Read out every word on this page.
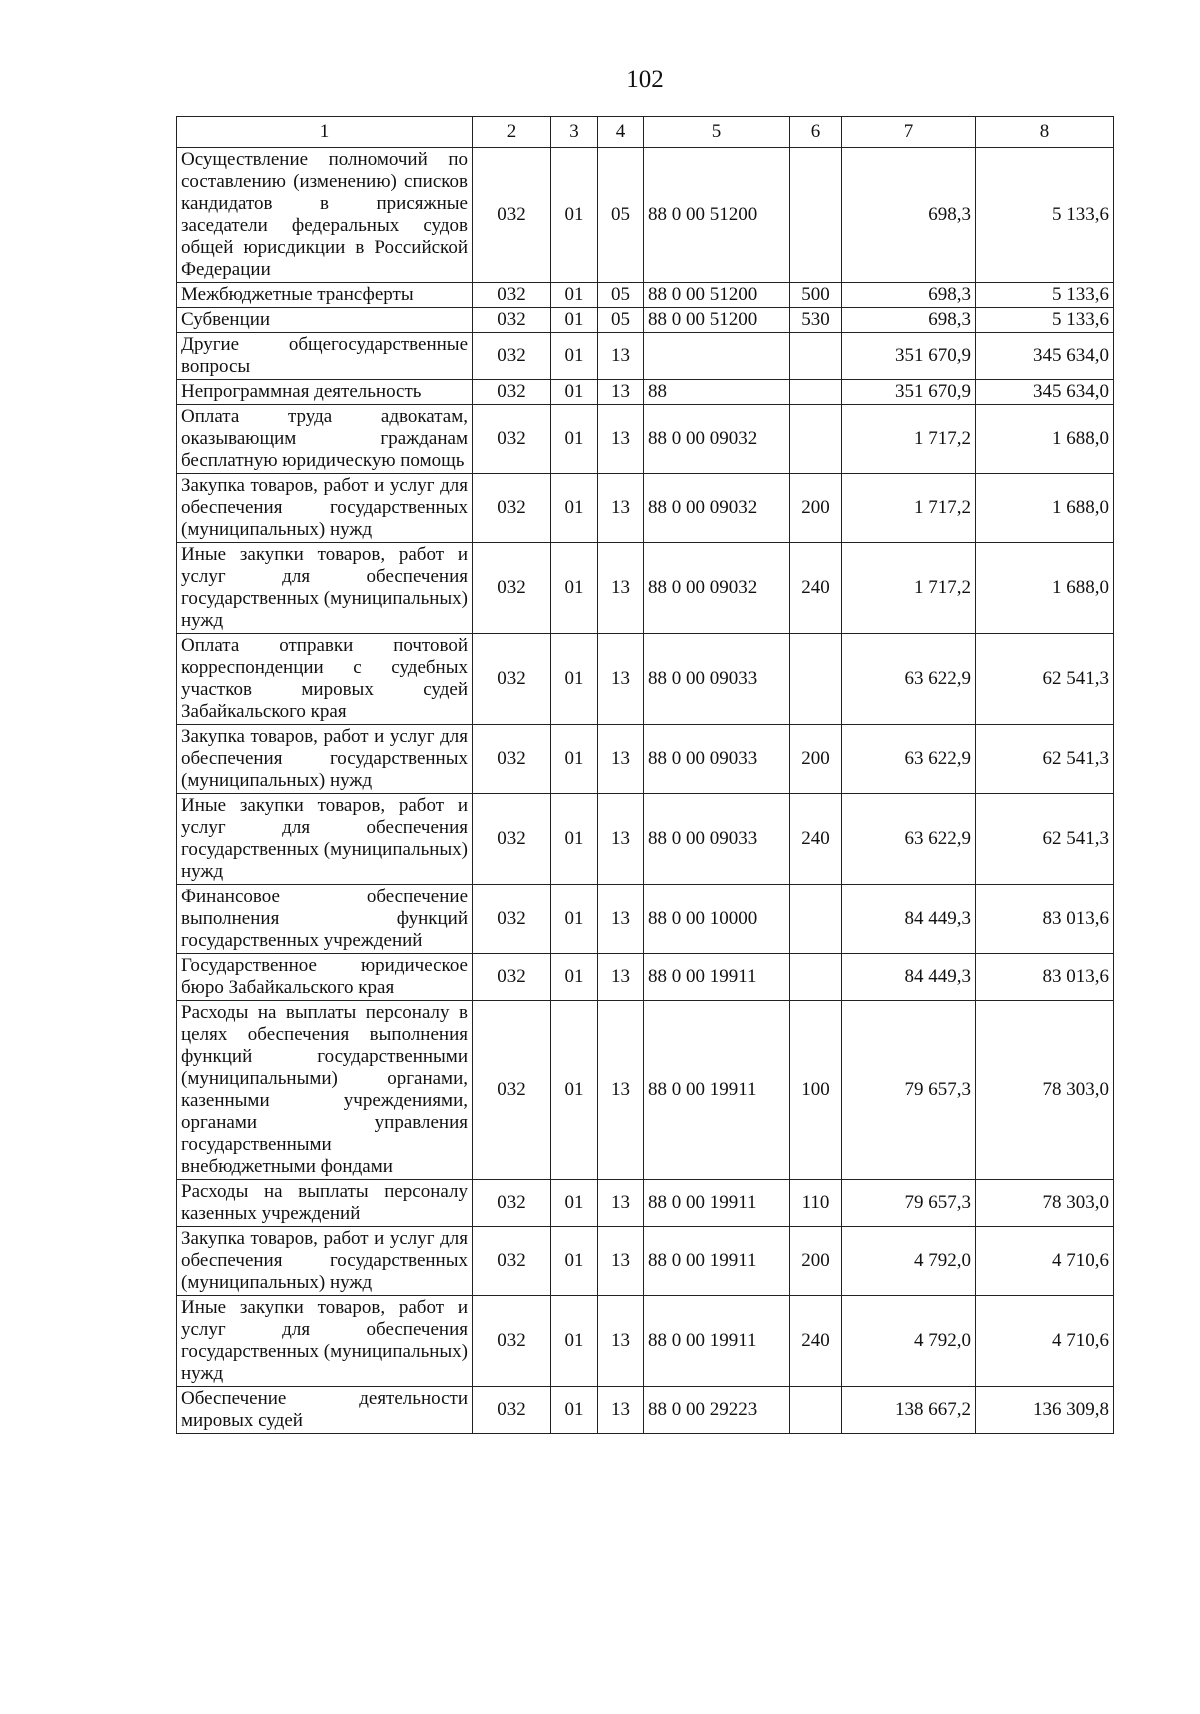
102
1	2	3	4	5	6	7	8
Осуществление полномочий по составлению (изменению) списков кандидатов в присяжные заседатели федеральных судов общей юрисдикции в Российской Федерации	032	01	05	88 0 00 51200		698,3	5 133,6
Межбюджетные трансферты	032	01	05	88 0 00 51200	500	698,3	5 133,6
Субвенции	032	01	05	88 0 00 51200	530	698,3	5 133,6
Другие общегосударственные вопросы	032	01	13			351 670,9	345 634,0
Непрограммная деятельность	032	01	13	88		351 670,9	345 634,0
Оплата труда адвокатам, оказывающим гражданам бесплатную юридическую помощь	032	01	13	88 0 00 09032		1 717,2	1 688,0
Закупка товаров, работ и услуг для обеспечения государственных (муниципальных) нужд	032	01	13	88 0 00 09032	200	1 717,2	1 688,0
Иные закупки товаров, работ и услуг для обеспечения государственных (муниципальных) нужд	032	01	13	88 0 00 09032	240	1 717,2	1 688,0
Оплата отправки почтовой корреспонденции с судебных участков мировых судей Забайкальского края	032	01	13	88 0 00 09033		63 622,9	62 541,3
Закупка товаров, работ и услуг для обеспечения государственных (муниципальных) нужд	032	01	13	88 0 00 09033	200	63 622,9	62 541,3
Иные закупки товаров, работ и услуг для обеспечения государственных (муниципальных) нужд	032	01	13	88 0 00 09033	240	63 622,9	62 541,3
Финансовое обеспечение выполнения функций государственных учреждений	032	01	13	88 0 00 10000		84 449,3	83 013,6
Государственное юридическое бюро Забайкальского края	032	01	13	88 0 00 19911		84 449,3	83 013,6
Расходы на выплаты персоналу в целях обеспечения выполнения функций государственными (муниципальными) органами, казенными учреждениями, органами управления государственными внебюджетными фондами	032	01	13	88 0 00 19911	100	79 657,3	78 303,0
Расходы на выплаты персоналу казенных учреждений	032	01	13	88 0 00 19911	110	79 657,3	78 303,0
Закупка товаров, работ и услуг для обеспечения государственных (муниципальных) нужд	032	01	13	88 0 00 19911	200	4 792,0	4 710,6
Иные закупки товаров, работ и услуг для обеспечения государственных (муниципальных) нужд	032	01	13	88 0 00 19911	240	4 792,0	4 710,6
Обеспечение деятельности мировых судей	032	01	13	88 0 00 29223		138 667,2	136 309,8
